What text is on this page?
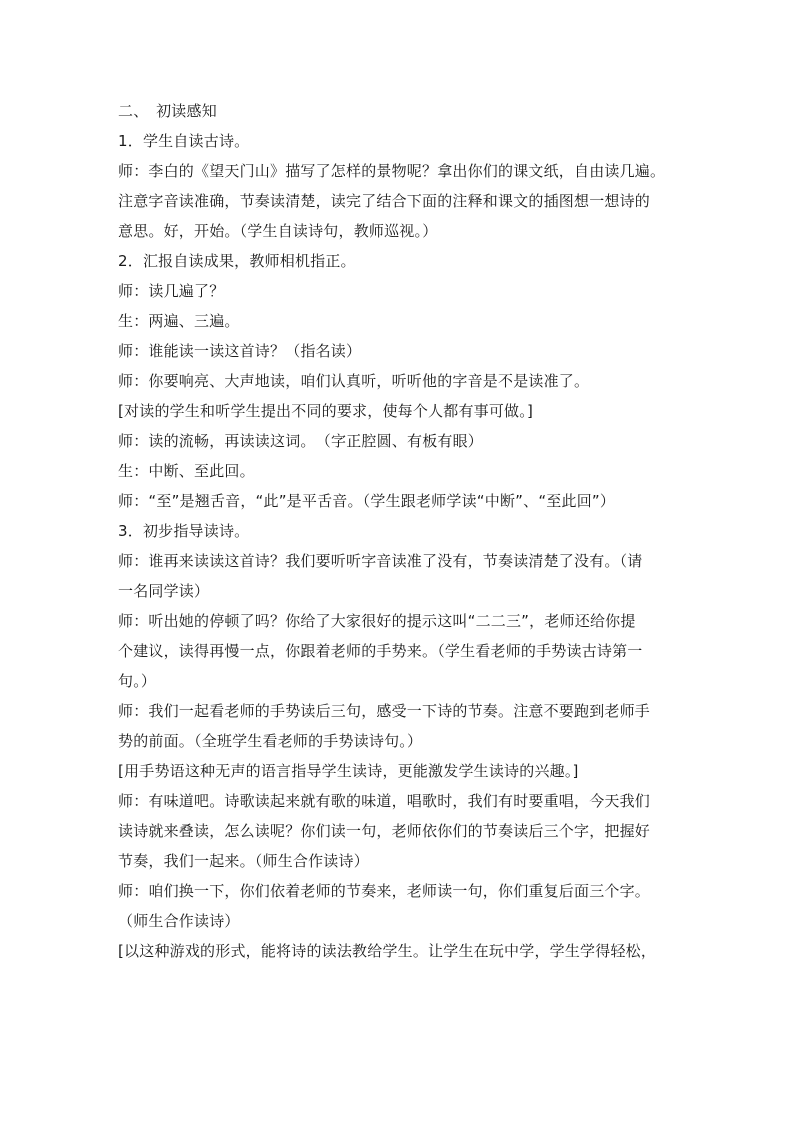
二、　初读感知
1．学生自读古诗。
师：李白的《望天门山》描写了怎样的景物呢？拿出你们的课文纸，自由读几遍。
注意字音读准确，节奏读清楚，读完了结合下面的注释和课文的插图想一想诗的
意思。好，开始。（学生自读诗句，教师巡视。）
2．汇报自读成果，教师相机指正。
师：读几遍了？
生：两遍、三遍。
师：谁能读一读这首诗？（指名读）
师：你要响亮、大声地读，咱们认真听，听听他的字音是不是读准了。
[对读的学生和听学生提出不同的要求，使每个人都有事可做。]
师：读的流畅，再读读这词。　（字正腔圆、有板有眼）
生：中断、至此回。
师：“至”是翘舌音，“此”是平舌音。（学生跟老师学读“中断”、“至此回”）
3．初步指导读诗。
师：谁再来读读这首诗？我们要听听字音读准了没有，节奏读清楚了没有。（请
一名同学读）
师：听出她的停顿了吗？你给了大家很好的提示这叫“二二三”，老师还给你提
个建议，读得再慢一点，你跟着老师的手势来。（学生看老师的手势读古诗第一
句。）
师：我们一起看老师的手势读后三句，感受一下诗的节奏。注意不要跑到老师手
势的前面。（全班学生看老师的手势读诗句。）
[用手势语这种无声的语言指导学生读诗，更能激发学生读诗的兴趣。]
师：有味道吧。诗歌读起来就有歌的味道，唱歌时，我们有时要重唱，今天我们
读诗就来叠读，怎么读呢？你们读一句，老师依你们的节奏读后三个字，把握好
节奏，我们一起来。（师生合作读诗）
师：咱们换一下，你们依着老师的节奏来，老师读一句，你们重复后面三个字。
（师生合作读诗）
[以这种游戏的形式，能将诗的读法教给学生。让学生在玩中学，学生学得轻松，
